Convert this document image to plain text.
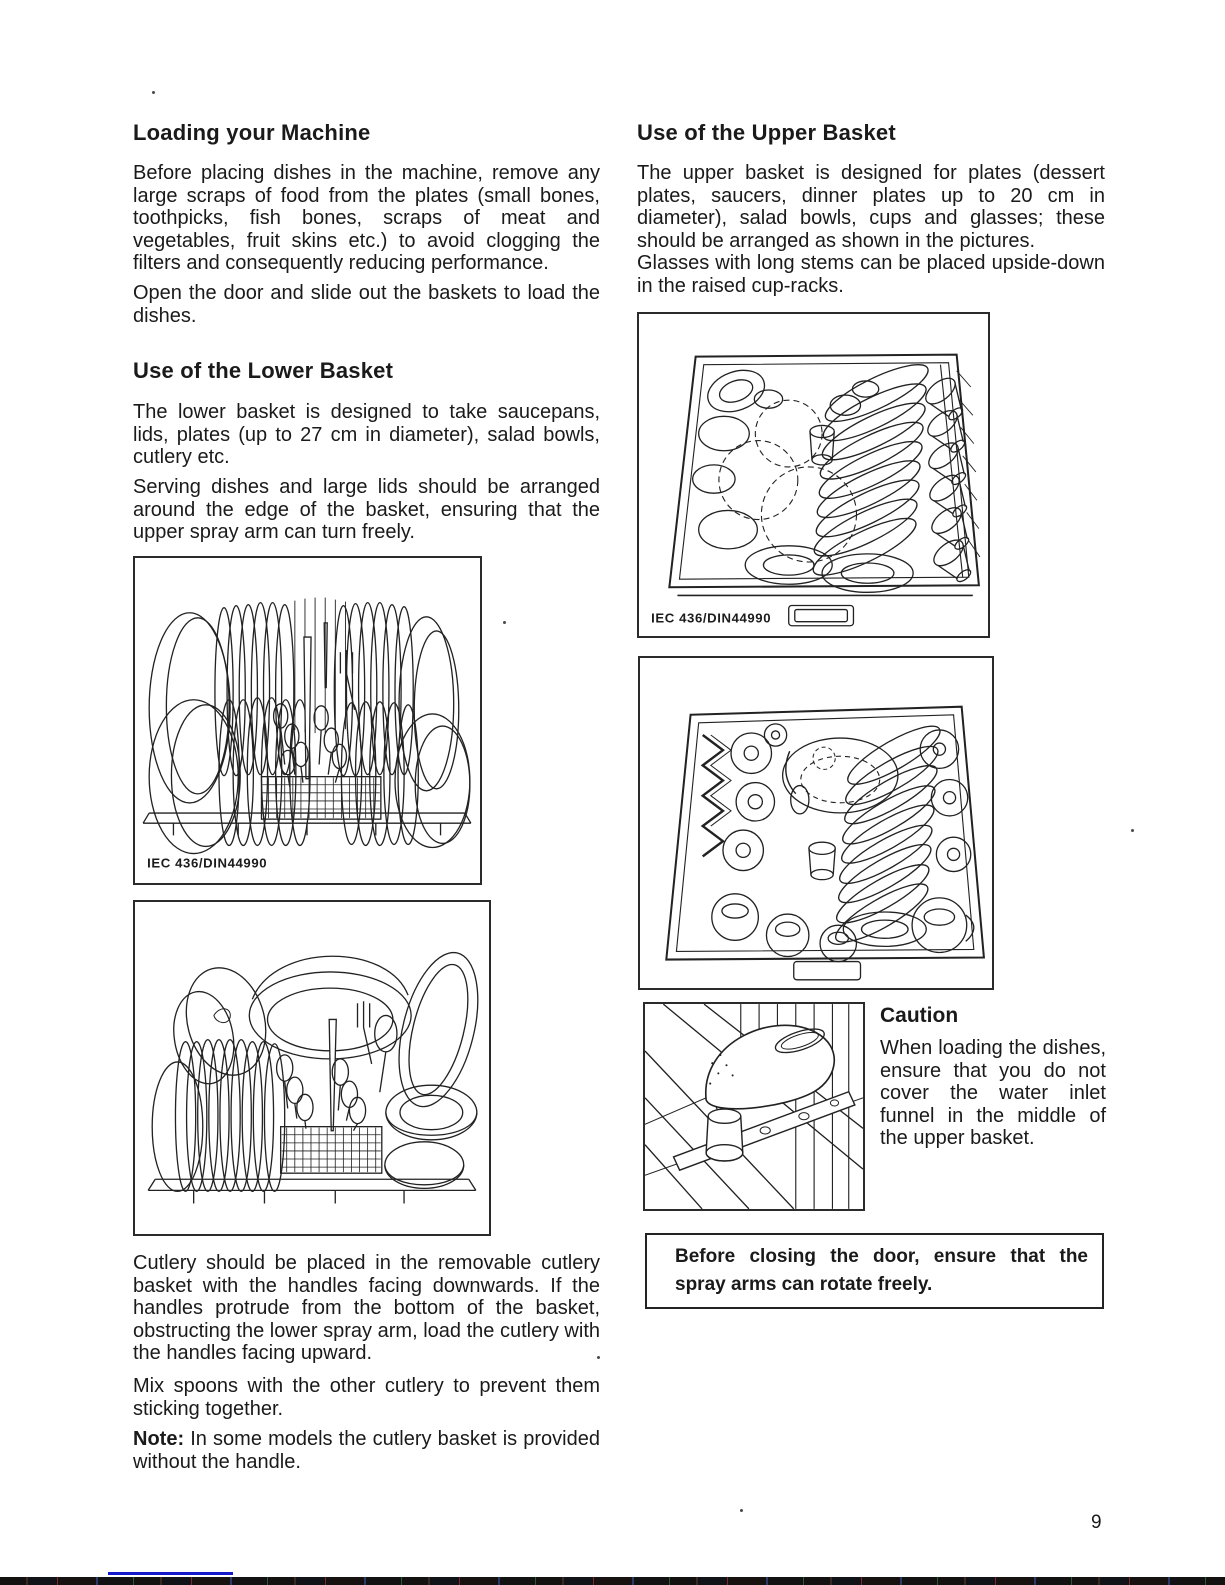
Loading your Machine

Before placing dishes in the machine, remove any large scraps of food from the plates (small bones, toothpicks, fish bones, scraps of meat and vegetables, fruit skins etc.) to avoid clogging the filters and consequently reducing performance.

Open the door and slide out the baskets to load the dishes.

Use of the Lower Basket

The lower basket is designed to take saucepans, lids, plates (up to 27 cm in diameter), salad bowls, cutlery etc.

Serving dishes and large lids should be arranged around the edge of the basket, ensuring that the upper spray arm can turn freely.

IEC 436/DIN44990

Cutlery should be placed in the removable cutlery basket with the handles facing downwards. If the handles protrude from the bottom of the basket, obstructing the lower spray arm, load the cutlery with the handles facing upward.

Mix spoons with the other cutlery to prevent them sticking together.

Note: In some models the cutlery basket is provided without the handle.

Use of the Upper Basket

The upper basket is designed for plates (dessert plates, saucers, dinner plates up to 20 cm in diameter), salad bowls, cups and glasses; these should be arranged as shown in the pictures.

Glasses with long stems can be placed upside-down in the raised cup-racks.

IEC 436/DIN44990
Caution

When loading the dishes, ensure that you do not cover the water inlet funnel in the middle of the upper basket.

Before closing the door, ensure that the spray arms can rotate freely.
9
